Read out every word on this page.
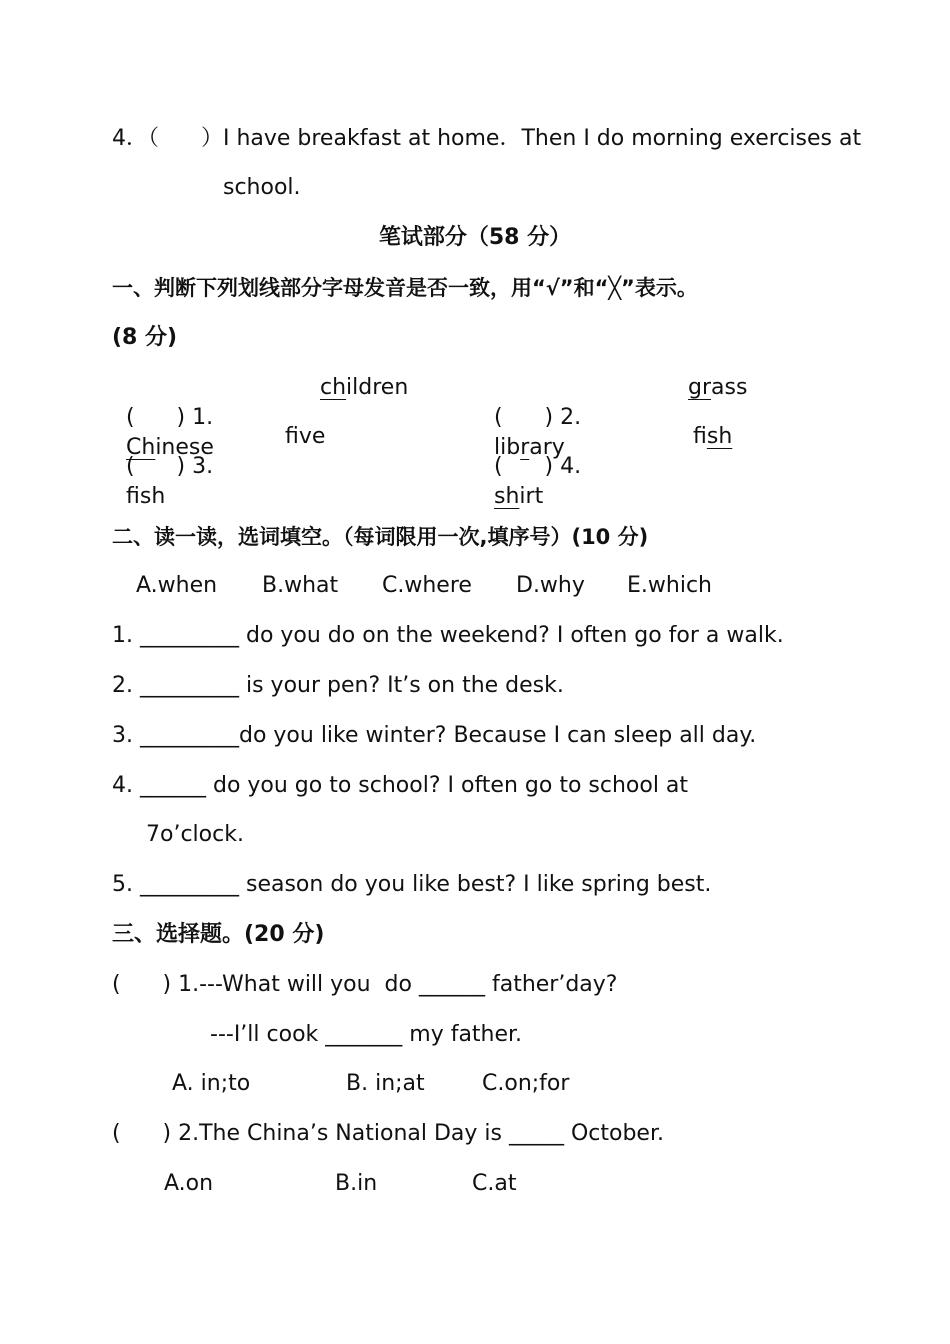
4．（      ）I have breakfast at home．Then I do morning exercises at
school.
笔试部分（58 分）
一、判断下列划线部分字母发音是否一致，用“√”和“╳”表示。
(8 分)

(      ) 1.
Chinese

children

(      ) 2.
library

grass

(      ) 3.
fsh

fve

(      ) 4.
shirt

fish
二、读一读，选词填空。（每词限用一次,填序号）(10 分)
A.when B.what C.where D.why E.which
1. _________ do you do on the weekend? I often go for a walk.
2. _________ is your pen? It’s on the desk.
3. _________do you like winter? Because I can sleep all day.
4. ______ do you go to school? I often go to school at
7o’clock.
5. _________ season do you like best? I like spring best.
三、选择题。(20 分)
(      ) 1.---What will you  do ______ father’day?
---I’ll cook _______ my father.
A. in;to	B. in;at	C.on;for
(      ) 2.The China’s National Day is _____ October.
A.on	B.in	C.at
